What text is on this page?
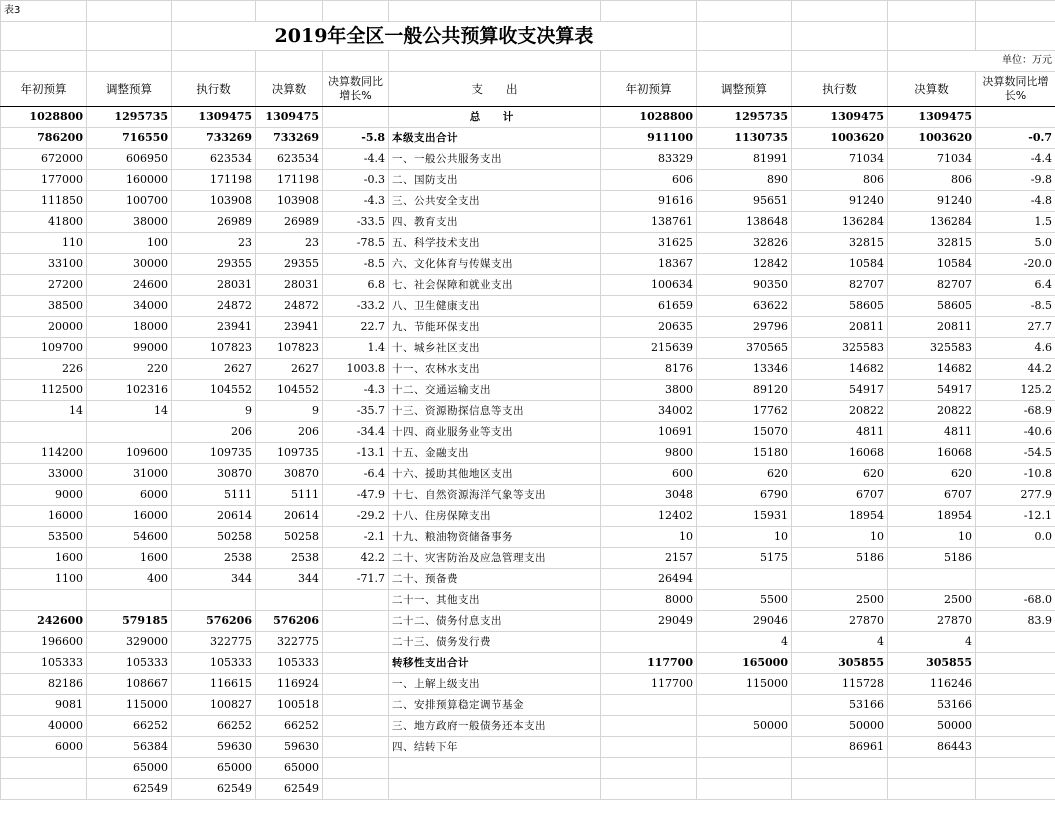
表3										
		2019年全区一般公共预算收支决算表								
									单位：万元	
年初预算	调整预算	执行数	决算数	决算数同比增长%	支　　出	年初预算	调整预算	执行数	决算数	决算数同比增长%
1028800	1295735	1309475	1309475		总　计	1028800	1295735	1309475	1309475	
786200	716550	733269	733269	-5.8	本级支出合计	911100	1130735	1003620	1003620	-0.7
672000	606950	623534	623534	-4.4	一、一般公共服务支出	83329	81991	71034	71034	-4.4
177000	160000	171198	171198	-0.3	二、国防支出	606	890	806	806	-9.8
111850	100700	103908	103908	-4.3	三、公共安全支出	91616	95651	91240	91240	-4.8
41800	38000	26989	26989	-33.5	四、教育支出	138761	138648	136284	136284	1.5
110	100	23	23	-78.5	五、科学技术支出	31625	32826	32815	32815	5.0
33100	30000	29355	29355	-8.5	六、文化体育与传媒支出	18367	12842	10584	10584	-20.0
27200	24600	28031	28031	6.8	七、社会保障和就业支出	100634	90350	82707	82707	6.4
38500	34000	24872	24872	-33.2	八、卫生健康支出	61659	63622	58605	58605	-8.5
20000	18000	23941	23941	22.7	九、节能环保支出	20635	29796	20811	20811	27.7
109700	99000	107823	107823	1.4	十、城乡社区支出	215639	370565	325583	325583	4.6
226	220	2627	2627	1003.8	十一、农林水支出	8176	13346	14682	14682	44.2
112500	102316	104552	104552	-4.3	十二、交通运输支出	3800	89120	54917	54917	125.2
14	14	9	9	-35.7	十三、资源勘探信息等支出	34002	17762	20822	20822	-68.9
		206	206	-34.4	十四、商业服务业等支出	10691	15070	4811	4811	-40.6
114200	109600	109735	109735	-13.1	十五、金融支出	9800	15180	16068	16068	-54.5
33000	31000	30870	30870	-6.4	十六、援助其他地区支出	600	620	620	620	-10.8
9000	6000	5111	5111	-47.9	十七、自然资源海洋气象等支出	3048	6790	6707	6707	277.9
16000	16000	20614	20614	-29.2	十八、住房保障支出	12402	15931	18954	18954	-12.1
53500	54600	50258	50258	-2.1	十九、粮油物资储备事务	10	10	10	10	0.0
1600	1600	2538	2538	42.2	二十、灾害防治及应急管理支出	2157	5175	5186	5186	
1100	400	344	344	-71.7	二十、预备费	26494				
					二十一、其他支出	8000	5500	2500	2500	-68.0
242600	579185	576206	576206		二十二、债务付息支出	29049	29046	27870	27870	83.9
196600	329000	322775	322775		二十三、债务发行费		4	4	4	
105333	105333	105333	105333		转移性支出合计	117700	165000	305855	305855	
82186	108667	116615	116924		一、上解上级支出	117700	115000	115728	116246	
9081	115000	100827	100518		二、安排预算稳定调节基金			53166	53166	
40000	66252	66252	66252		三、地方政府一般债务还本支出		50000	50000	50000	
6000	56384	59630	59630		四、结转下年			86961	86443	
	65000	65000	65000							
	62549	62549	62549							
